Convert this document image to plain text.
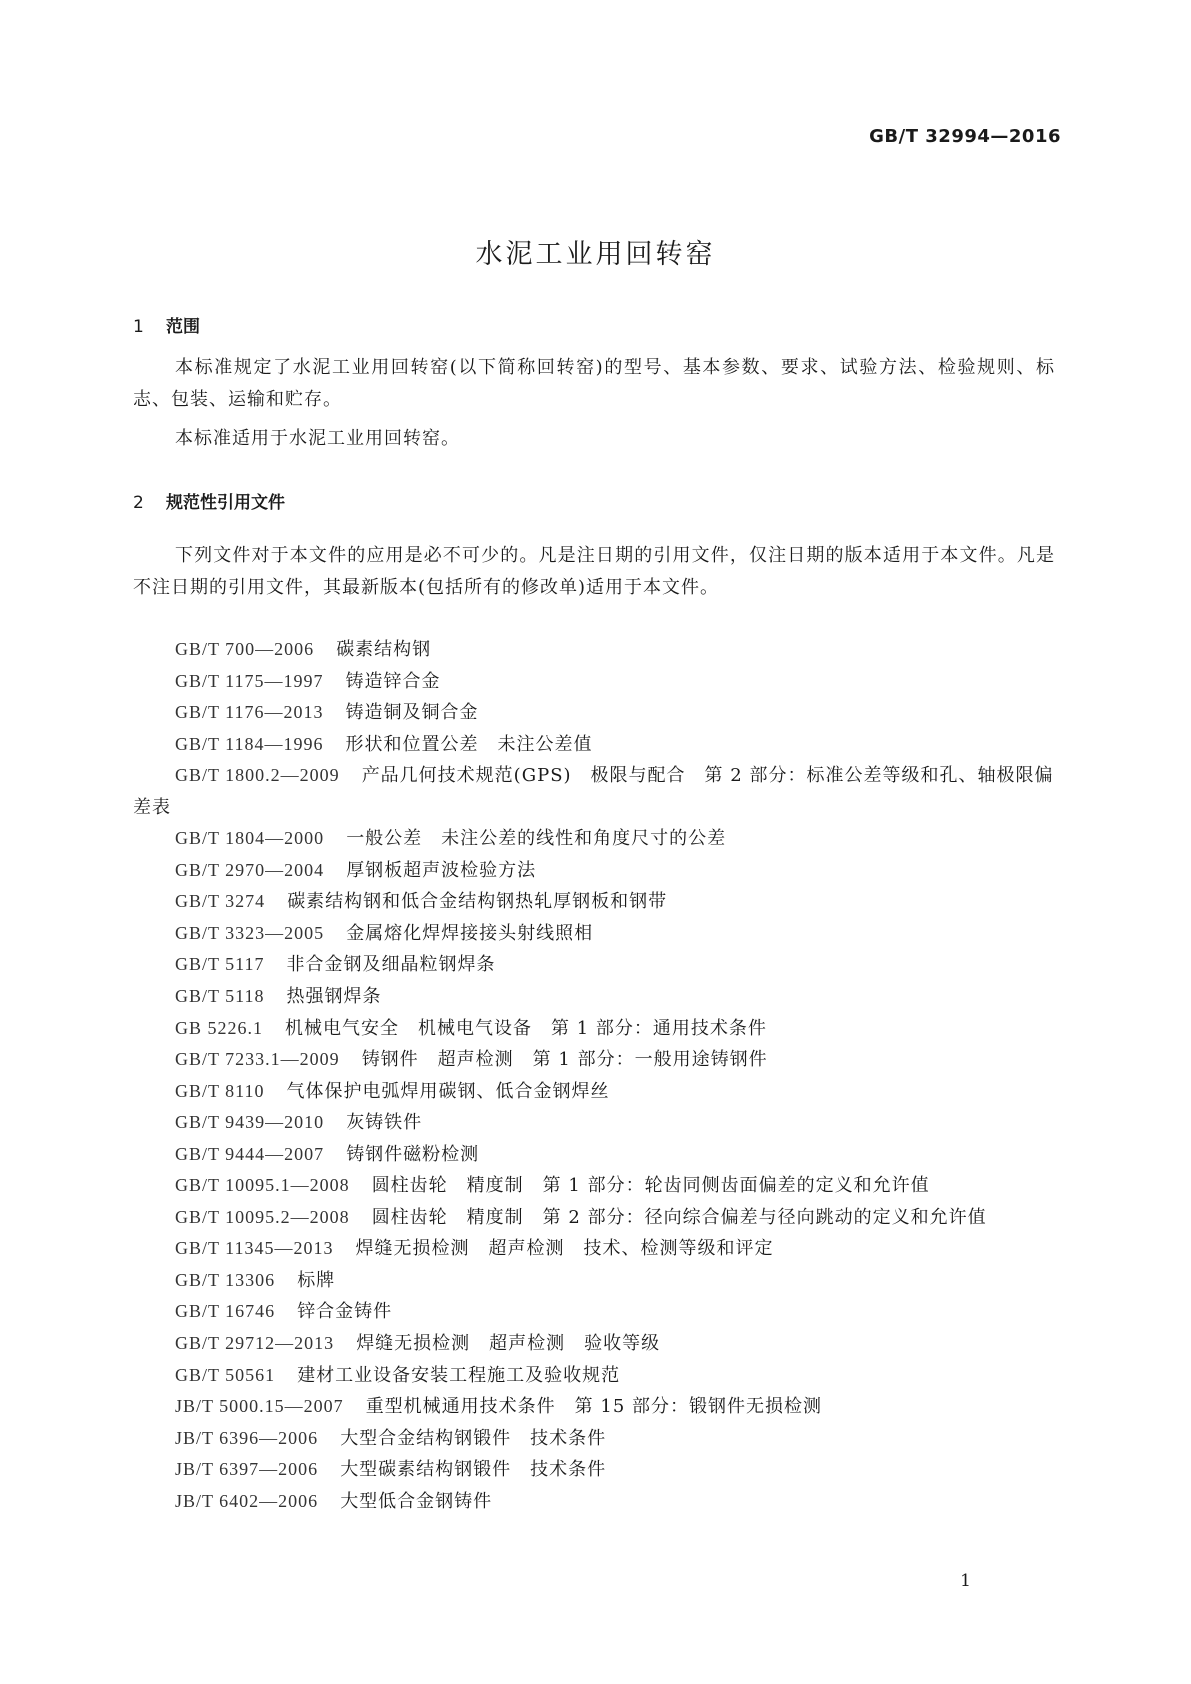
GB/T 32994—2016
水泥工业用回转窑
1 范围

本标准规定了水泥工业用回转窑(以下简称回转窑)的型号、基本参数、要求、试验方法、检验规则、标志、包装、运输和贮存。

本标准适用于水泥工业用回转窑。

2 规范性引用文件

下列文件对于本文件的应用是必不可少的。凡是注日期的引用文件，仅注日期的版本适用于本文件。凡是不注日期的引用文件，其最新版本(包括所有的修改单)适用于本文件。

GB/T 700—2006 碳素结构钢
GB/T 1175—1997 铸造锌合金
GB/T 1176—2013 铸造铜及铜合金
GB/T 1184—1996 形状和位置公差　未注公差值
GB/T 1800.2—2009 产品几何技术规范(GPS)　极限与配合　第 2 部分：标准公差等级和孔、轴极限偏差表
GB/T 1804—2000 一般公差　未注公差的线性和角度尺寸的公差
GB/T 2970—2004 厚钢板超声波检验方法
GB/T 3274 碳素结构钢和低合金结构钢热轧厚钢板和钢带
GB/T 3323—2005 金属熔化焊焊接接头射线照相
GB/T 5117 非合金钢及细晶粒钢焊条
GB/T 5118 热强钢焊条
GB 5226.1 机械电气安全　机械电气设备　第 1 部分：通用技术条件
GB/T 7233.1—2009 铸钢件　超声检测　第 1 部分：一般用途铸钢件
GB/T 8110 气体保护电弧焊用碳钢、低合金钢焊丝
GB/T 9439—2010 灰铸铁件
GB/T 9444—2007 铸钢件磁粉检测
GB/T 10095.1—2008 圆柱齿轮　精度制　第 1 部分：轮齿同侧齿面偏差的定义和允许值
GB/T 10095.2—2008 圆柱齿轮　精度制　第 2 部分：径向综合偏差与径向跳动的定义和允许值
GB/T 11345—2013 焊缝无损检测　超声检测　技术、检测等级和评定
GB/T 13306 标牌
GB/T 16746 锌合金铸件
GB/T 29712—2013 焊缝无损检测　超声检测　验收等级
GB/T 50561 建材工业设备安装工程施工及验收规范
JB/T 5000.15—2007 重型机械通用技术条件　第 15 部分：锻钢件无损检测
JB/T 6396—2006 大型合金结构钢锻件　技术条件
JB/T 6397—2006 大型碳素结构钢锻件　技术条件
JB/T 6402—2006 大型低合金钢铸件
1
